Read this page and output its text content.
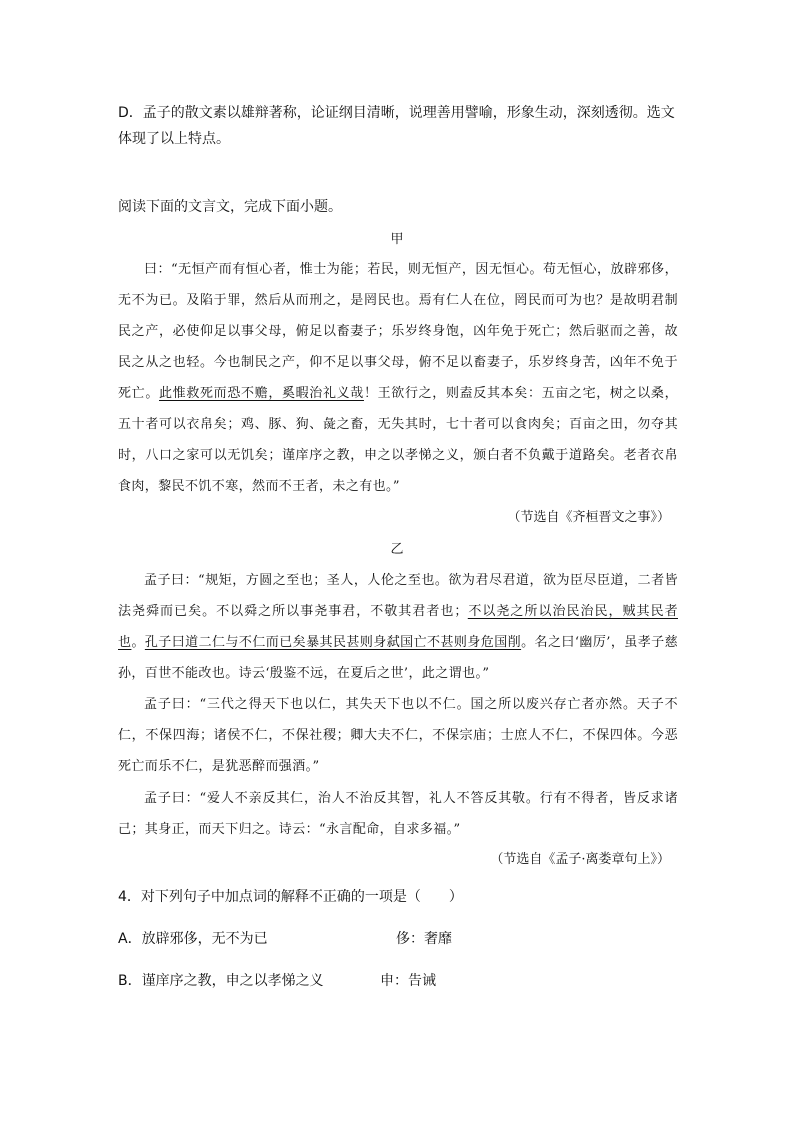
D．孟子的散文素以雄辩著称，论证纲目清晰，说理善用譬喻，形象生动，深刻透彻。选文体现了以上特点。
阅读下面的文言文，完成下面小题。
甲

曰：“无恒产而有恒心者，惟士为能；若民，则无恒产，因无恒心。苟无恒心，放辟邪侈，无不为已。及陷于罪，然后从而刑之，是罔民也。焉有仁人在位，罔民而可为也？是故明君制民之产，必使仰足以事父母，俯足以畜妻子；乐岁终身饱，凶年免于死亡；然后驱而之善，故民之从之也轻。今也制民之产，仰不足以事父母，俯不足以畜妻子，乐岁终身苦，凶年不免于死亡。此惟救死而恐不赡，奚暇治礼义哉！王欲行之，则盍反其本矣：五亩之宅，树之以桑，五十者可以衣帛矣；鸡、豚、狗、彘之畜，无失其时，七十者可以食肉矣；百亩之田，勿夺其时，八口之家可以无饥矣；谨庠序之教，申之以孝悌之义，颁白者不负戴于道路矣。老者衣帛食肉，黎民不饥不寒，然而不王者，未之有也。”

（节选自《齐桓晋文之事》）
乙

孟子曰：“规矩，方圆之至也；圣人，人伦之至也。欲为君尽君道，欲为臣尽臣道，二者皆法尧舜而已矣。不以舜之所以事尧事君，不敬其君者也；不以尧之所以治民治民，贼其民者也。孔子曰道二仁与不仁而已矣暴其民甚则身弑国亡不甚则身危国削。名之曰‘幽厉’，虽孝子慈孙，百世不能改也。诗云‘殷鉴不远，在夏后之世’，此之谓也。”

孟子曰：“三代之得天下也以仁，其失天下也以不仁。国之所以废兴存亡者亦然。天子不仁，不保四海；诸侯不仁，不保社稷；卿大夫不仁，不保宗庙；士庶人不仁，不保四体。今恶死亡而乐不仁，是犹恶醉而强酒。”

孟子曰：“爱人不亲反其仁，治人不治反其智，礼人不答反其敬。行有不得者，皆反求诸己；其身正，而天下归之。诗云：“永言配命，自求多福。”

（节选自《孟子·离娄章句上》）
4．对下列句子中加点词的解释不正确的一项是（　　）
A．放辟邪侈，无不为已	侈：奢靡
B．谨庠序之教，申之以孝悌之义	申：告诫
